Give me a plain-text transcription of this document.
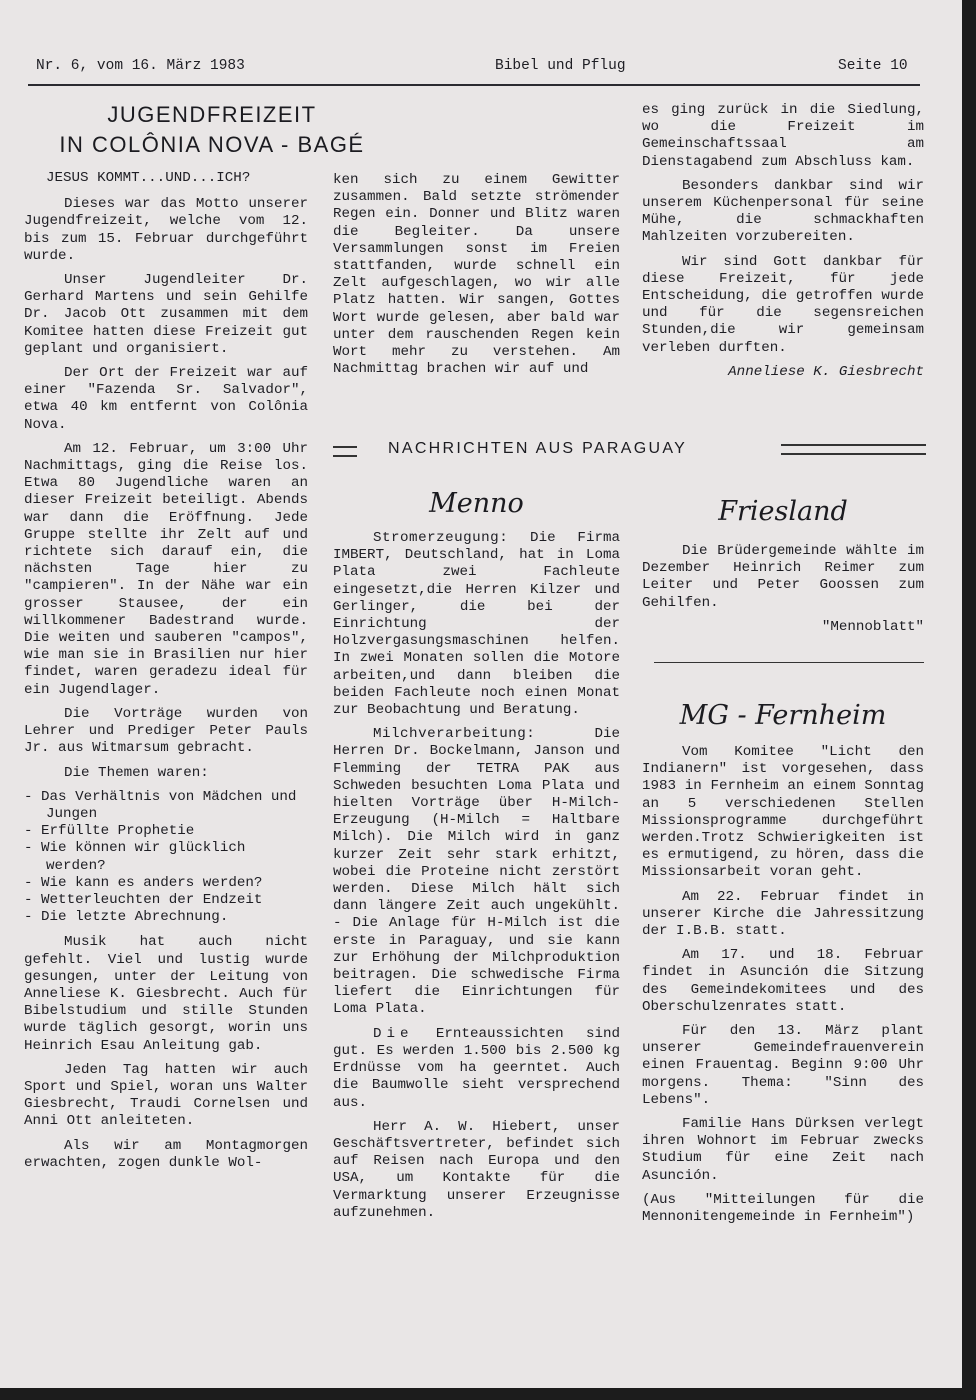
Nr. 6, vom 16. März 1983	Bibel und Pflug	Seite 10
JUGENDFREIZEIT
IN COLÔNIA NOVA - BAGÉ
JESUS KOMMT...UND...ICH?

Dieses war das Motto unserer Jugendfreizeit, welche vom 12. bis zum 15. Februar durchgeführt wurde.

Unser Jugendleiter Dr. Gerhard Martens und sein Gehilfe Dr. Jacob Ott zusammen mit dem Komitee hatten diese Freizeit gut geplant und organisiert.

Der Ort der Freizeit war auf einer "Fazenda Sr. Salvador", etwa 40 km entfernt von Colônia Nova.

Am 12. Februar, um 3:00 Uhr Nachmittags, ging die Reise los. Etwa 80 Jugendliche waren an dieser Freizeit beteiligt. Abends war dann die Eröffnung. Jede Gruppe stellte ihr Zelt auf und richtete sich darauf ein, die nächsten Tage hier zu "campieren". In der Nähe war ein grosser Stausee, der ein willkommener Badestrand wurde. Die weiten und sauberen "campos", wie man sie in Brasilien nur hier findet, waren geradezu ideal für ein Jugendlager.

Die Vorträge wurden von Lehrer und Prediger Peter Pauls Jr. aus Witmarsum gebracht.

Die Themen waren:

- Das Verhältnis von Mädchen und Jungen
- Erfüllte Prophetie
- Wie können wir glücklich werden?
- Wie kann es anders werden?
- Wetterleuchten der Endzeit
- Die letzte Abrechnung.

Musik hat auch nicht gefehlt. Viel und lustig wurde gesungen, unter der Leitung von Anneliese K. Giesbrecht. Auch für Bibelstudium und stille Stunden wurde täglich gesorgt, worin uns Heinrich Esau Anleitung gab.

Jeden Tag hatten wir auch Sport und Spiel, woran uns Walter Giesbrecht, Traudi Cornelsen und Anni Ott anleiteten.

Als wir am Montagmorgen erwachten, zogen dunkle Wol-

ken sich zu einem Gewitter zusammen. Bald setzte strömender Regen ein. Donner und Blitz waren die Begleiter. Da unsere Versammlungen sonst im Freien stattfanden, wurde schnell ein Zelt aufgeschlagen, wo wir alle Platz hatten. Wir sangen, Gottes Wort wurde gelesen, aber bald war unter dem rauschenden Regen kein Wort mehr zu verstehen. Am Nachmittag brachen wir auf und

es ging zurück in die Siedlung, wo die Freizeit im Gemeinschaftssaal am Dienstagabend zum Abschluss kam.

Besonders dankbar sind wir unserem Küchenpersonal für seine Mühe, die schmackhaften Mahlzeiten vorzubereiten.

Wir sind Gott dankbar für diese Freizeit, für jede Entscheidung, die getroffen wurde und für die segensreichen Stunden,die wir gemeinsam verleben durften.

Anneliese K. Giesbrecht
NACHRICHTEN AUS PARAGUAY
Menno

Stromerzeugung: Die Firma IMBERT, Deutschland, hat in Loma Plata zwei Fachleute eingesetzt,die Herren Kilzer und Gerlinger, die bei der Einrichtung der Holzvergasungsmaschinen helfen. In zwei Monaten sollen die Motore arbeiten,und dann bleiben die beiden Fachleute noch einen Monat zur Beobachtung und Beratung.

Milchverarbeitung: Die Herren Dr. Bockelmann, Janson und Flemming der TETRA PAK aus Schweden besuchten Loma Plata und hielten Vorträge über H-Milch-Erzeugung (H-Milch = Haltbare Milch). Die Milch wird in ganz kurzer Zeit sehr stark erhitzt, wobei die Proteine nicht zerstört werden. Diese Milch hält sich dann längere Zeit auch ungekühlt. - Die Anlage für H-Milch ist die erste in Paraguay, und sie kann zur Erhöhung der Milchproduktion beitragen. Die schwedische Firma liefert die Einrichtungen für Loma Plata.

Die Ernteaussichten sind gut. Es werden 1.500 bis 2.500 kg Erdnüsse vom ha geerntet. Auch die Baumwolle sieht versprechend aus.

Herr A. W. Hiebert, unser Geschäftsvertreter, befindet sich auf Reisen nach Europa und den USA, um Kontakte für die Vermarktung unserer Erzeugnisse aufzunehmen.

Friesland

Die Brüdergemeinde wählte im Dezember Heinrich Reimer zum Leiter und Peter Goossen zum Gehilfen.

"Mennoblatt"
MG - Fernheim

Vom Komitee "Licht den Indianern" ist vorgesehen, dass 1983 in Fernheim an einem Sonntag an 5 verschiedenen Stellen Missionsprogramme durchgeführt werden.Trotz Schwierigkeiten ist es ermutigend, zu hören, dass die Missionsarbeit voran geht.

Am 22. Februar findet in unserer Kirche die Jahressitzung der I.B.B. statt.

Am 17. und 18. Februar findet in Asunción die Sitzung des Gemeindekomitees und des Oberschulzenrates statt.

Für den 13. März plant unserer Gemeindefrauenverein einen Frauentag. Beginn 9:00 Uhr morgens. Thema: "Sinn des Lebens".

Familie Hans Dürksen verlegt ihren Wohnort im Februar zwecks Studium für eine Zeit nach Asunción.

(Aus "Mitteilungen für die Mennonitengemeinde in Fernheim")
